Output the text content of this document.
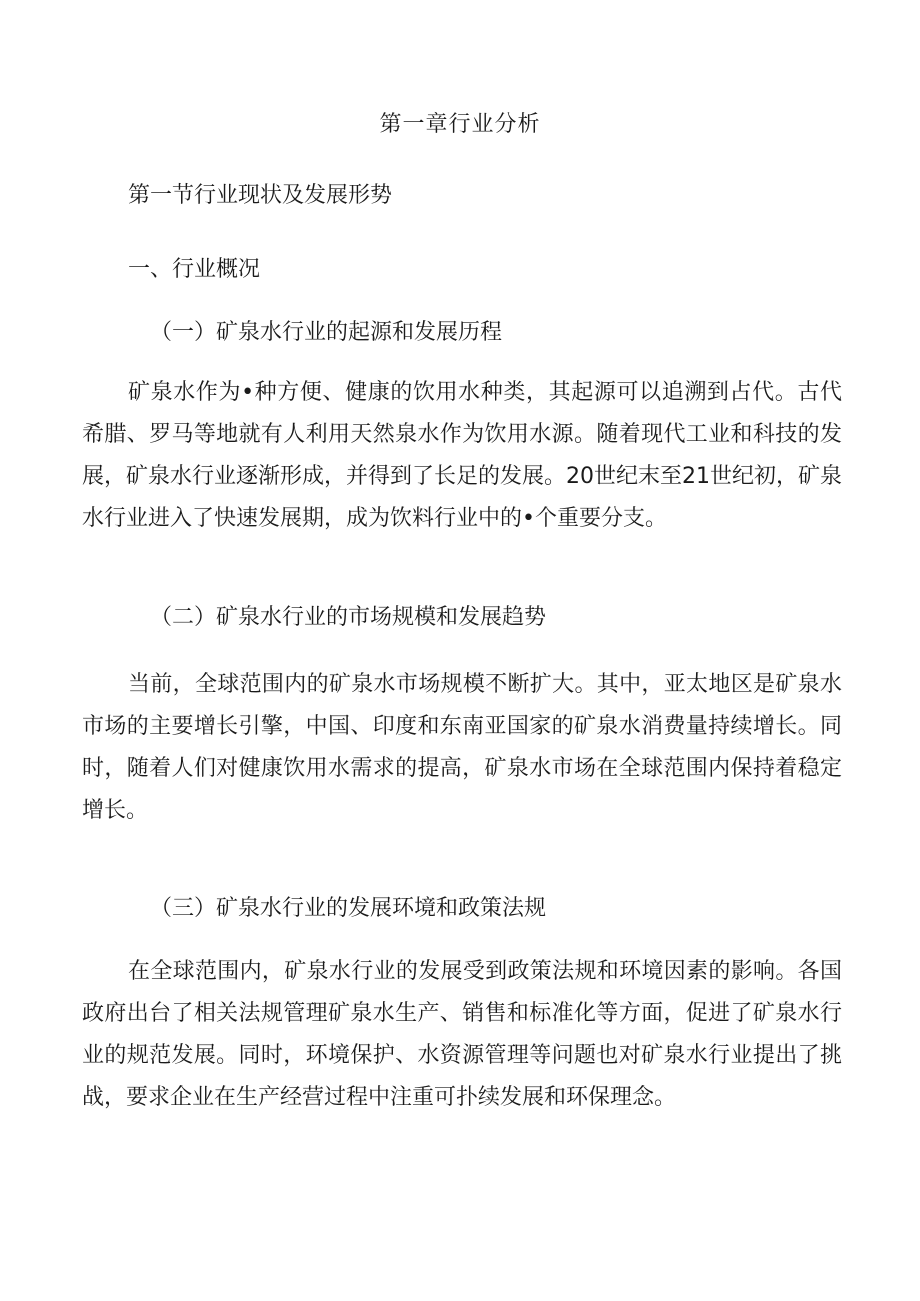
第一章行业分析
第一节行业现状及发展形势
一、行业概况
（一）矿泉水行业的起源和发展历程

矿泉水作为•种方便、健康的饮用水种类，其起源可以追溯到占代。古代希腊、罗马等地就有人利用天然泉水作为饮用水源。随着现代工业和科技的发展，矿泉水行业逐渐形成，并得到了长足的发展。20世纪末至21世纪初，矿泉水行业进入了快速发展期，成为饮料行业中的•个重要分支。

（二）矿泉水行业的市场规模和发展趋势

当前，全球范围内的矿泉水市场规模不断扩大。其中，亚太地区是矿泉水市场的主要增长引擎，中国、印度和东南亚国家的矿泉水消费量持续增长。同时，随着人们对健康饮用水需求的提高，矿泉水市场在全球范围内保持着稳定增长。

（三）矿泉水行业的发展环境和政策法规

在全球范围内，矿泉水行业的发展受到政策法规和环境因素的影响。各国政府出台了相关法规管理矿泉水生产、销售和标准化等方面，促进了矿泉水行业的规范发展。同时，环境保护、水资源管理等问题也对矿泉水行业提出了挑战，要求企业在生产经营过程中注重可扑续发展和环保理念。
